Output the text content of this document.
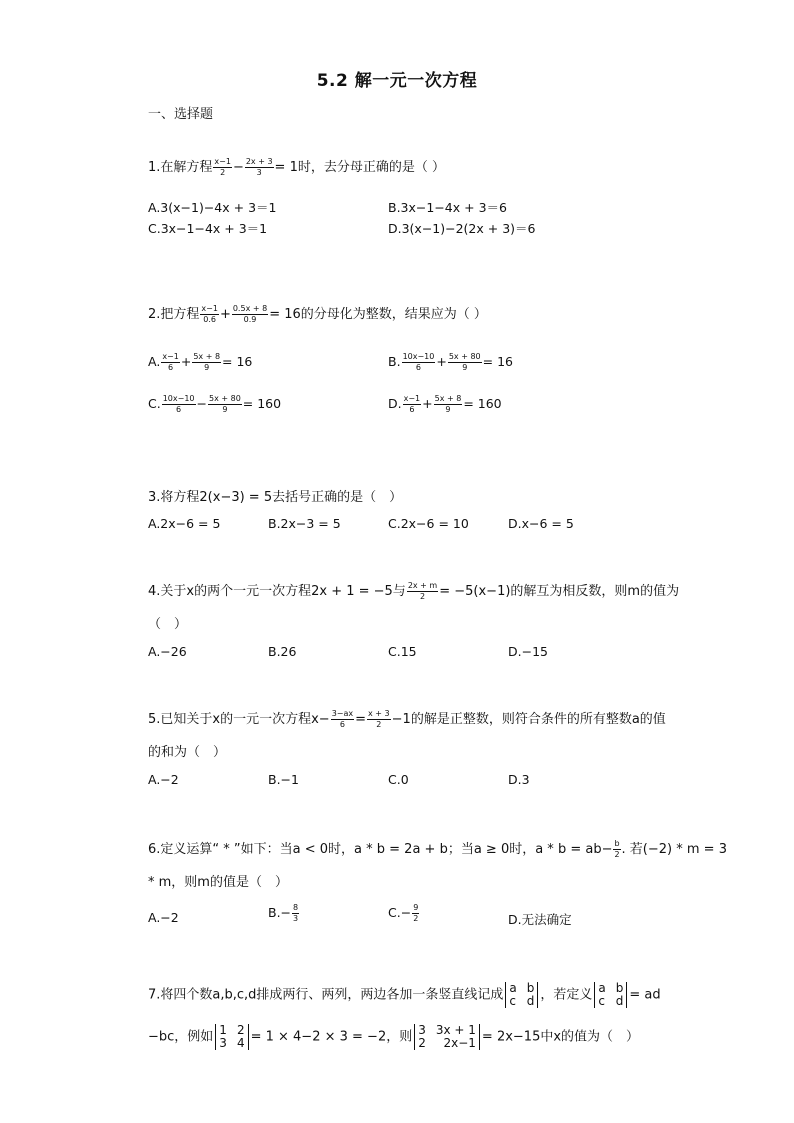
5.2 解一元一次方程
一、选择题
1.在解方程 $\frac{x-1}{2} - \frac{2x + 3}{3} = 1$时，去分母正确的是（ ）
A.3(x−1)−4x + 3＝1	B.3x−1−4x + 3＝6
C.3x−1−4x + 3＝1	D.3(x−1)−2(2x + 3)＝6
2.把方程 $\frac{x-1}{0.6} + \frac{0.5x + 8}{0.9} = 16$的分母化为整数，结果应为（ ）
A. $\frac{x-1}{6} + \frac{5x + 8}{9} = 16$	B. $\frac{10x-10}{6} + \frac{5x + 80}{9} = 16$
C. $\frac{10x-10}{6} - \frac{5x + 80}{9} = 160$	D. $\frac{x-1}{6} + \frac{5x + 8}{9} = 160$
3.将方程2(x−3) = 5去括号正确的是（　）
A.2x−6 = 5	B.2x−3 = 5	C.2x−6 = 10	D.x−6 = 5
4.关于x的两个一元一次方程2x + 1 = −5与 $\frac{2x + m}{2} = -5(x-1)$的解互为相反数，则m的值为
（　）
A.−26	B.26	C.15	D.−15
5.已知关于x的一元一次方程$x- \frac{3-ax}{6} = \frac{x + 3}{2} -1$的解是正整数，则符合条件的所有整数a的值
的和为（　）
A.−2	B.−1	C.0	D.3
6.定义运算“ * ”如下：当a < 0时，a * b = 2a + b；当a ≥ 0时，$a * b = ab- \frac{b}{2}$ . 若(−2) * m = 3
* m，则m的值是（　）
A.−2	$B.- \frac{8}{3}$	$C.- \frac{9}{2}$	D.无法确定
7.将四个数a,b,c,d排成两行、两列，两边各加一条竖直线记成 a b
c d ，若定义 a b
c d = ad
−bc，例如 1 2
3 4 = 1 × 4−2 × 3 = −2，则 3 3x + 1
2 2x−1 = 2x−15中x的值为（　）
